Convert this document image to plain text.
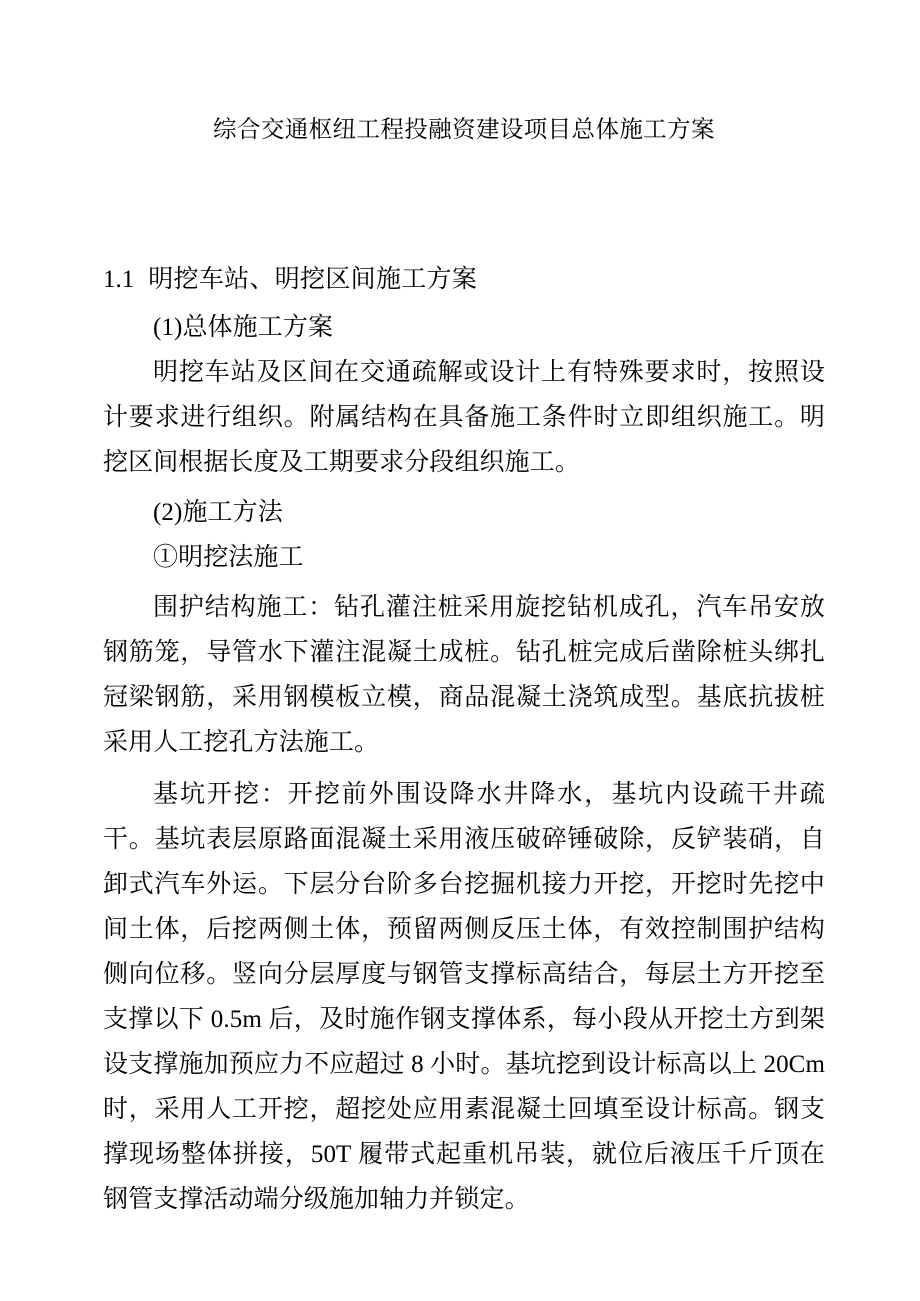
综合交通枢纽工程投融资建设项目总体施工方案
1.1 明挖车站、明挖区间施工方案

(1)总体施工方案

明挖车站及区间在交通疏解或设计上有特殊要求时，按照设计要求进行组织。附属结构在具备施工条件时立即组织施工。明挖区间根据长度及工期要求分段组织施工。

(2)施工方法

①明挖法施工

围护结构施工：钻孔灌注桩采用旋挖钻机成孔，汽车吊安放钢筋笼，导管水下灌注混凝土成桩。钻孔桩完成后凿除桩头绑扎冠梁钢筋，采用钢模板立模，商品混凝土浇筑成型。基底抗拔桩采用人工挖孔方法施工。

基坑开挖：开挖前外围设降水井降水，基坑内设疏干井疏干。基坑表层原路面混凝土采用液压破碎锤破除，反铲装硝，自卸式汽车外运。下层分台阶多台挖掘机接力开挖，开挖时先挖中间土体，后挖两侧土体，预留两侧反压土体，有效控制围护结构侧向位移。竖向分层厚度与钢管支撑标高结合，每层土方开挖至支撑以下 0.5m 后，及时施作钢支撑体系，每小段从开挖土方到架设支撑施加预应力不应超过 8 小时。基坑挖到设计标高以上 20Cm 时，采用人工开挖，超挖处应用素混凝土回填至设计标高。钢支撑现场整体拼接，50T 履带式起重机吊装，就位后液压千斤顶在钢管支撑活动端分级施加轴力并锁定。
